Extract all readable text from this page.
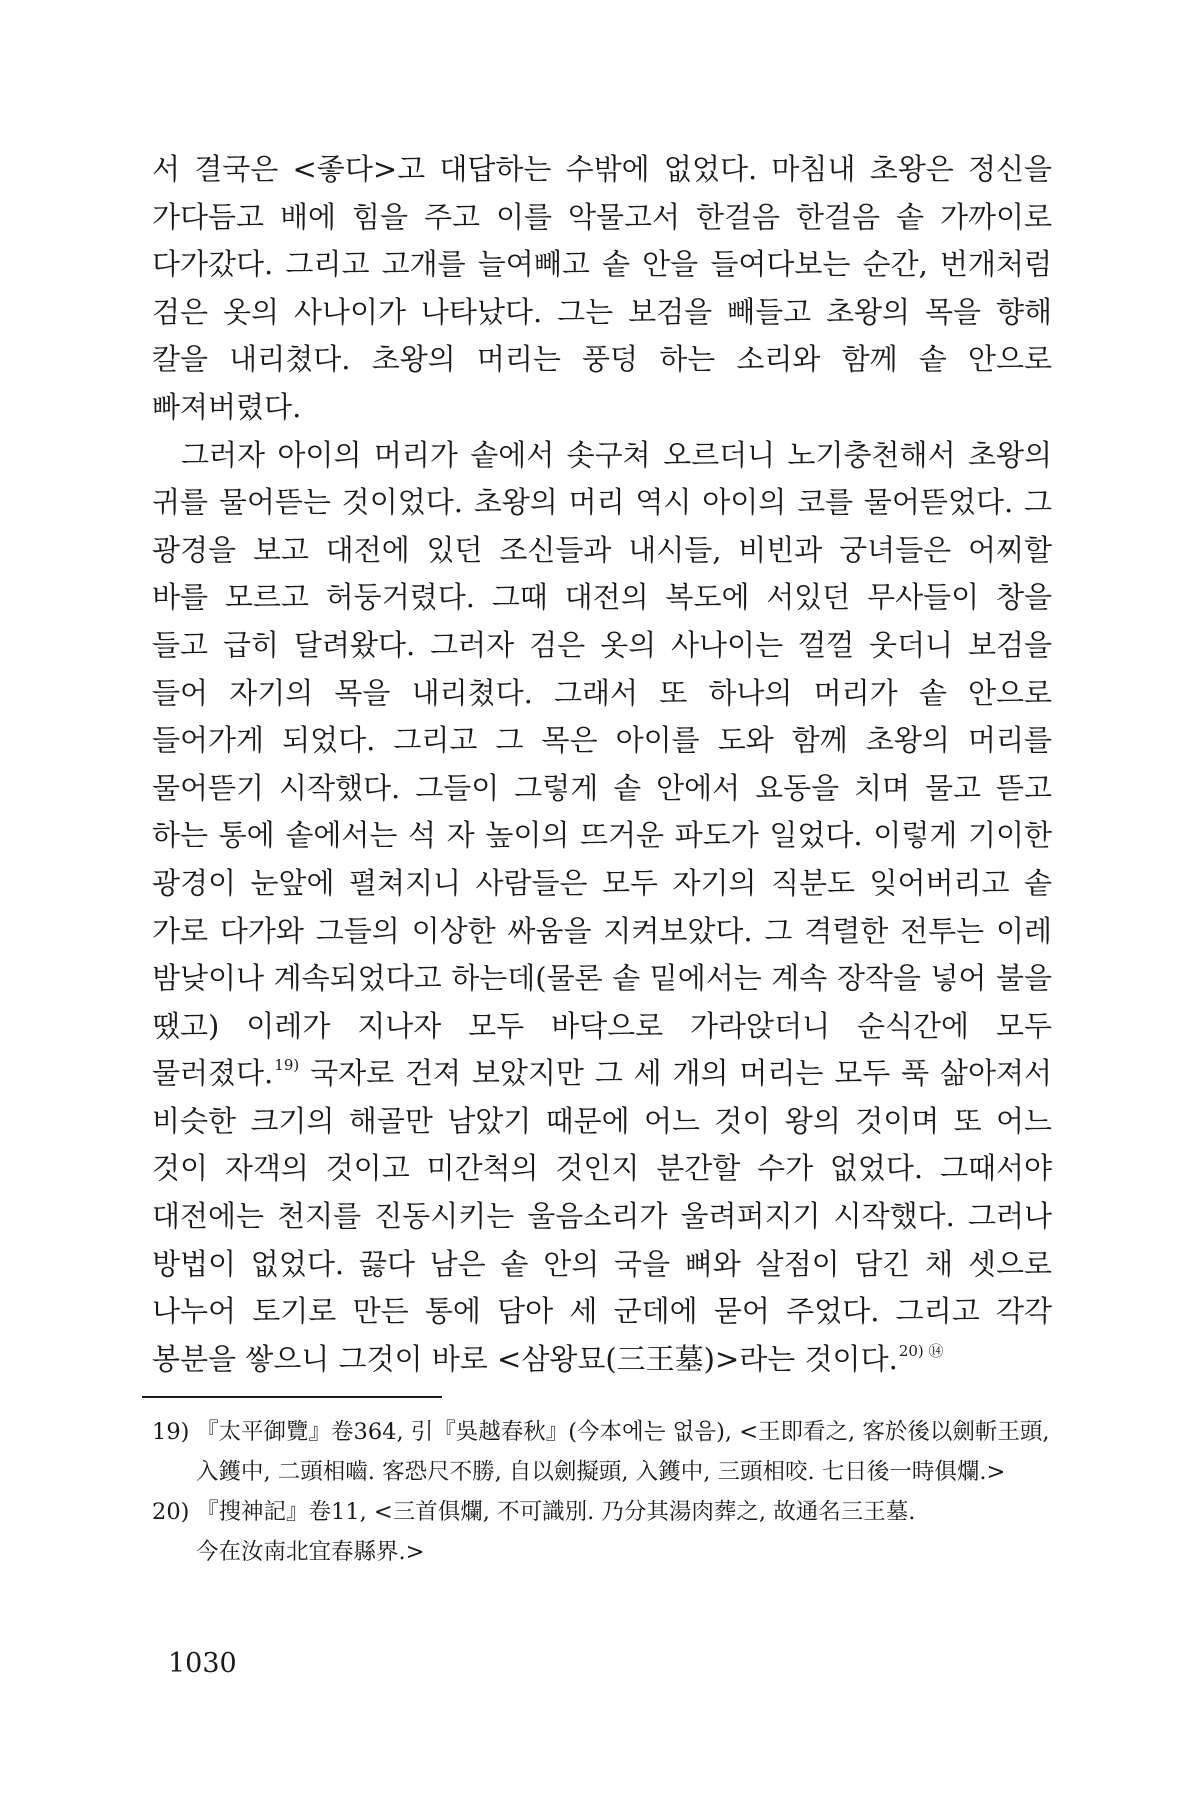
서 결국은 <좋다>고 대답하는 수밖에 없었다. 마침내 초왕은 정신을 가다듬고 배에 힘을 주고 이를 악물고서 한걸음 한걸음 솥 가까이로 다가갔다. 그리고 고개를 늘여빼고 솥 안을 들여다보는 순간, 번개처럼 검은 옷의 사나이가 나타났다. 그는 보검을 빼들고 초왕의 목을 향해 칼을 내리쳤다. 초왕의 머리는 풍덩 하는 소리와 함께 솥 안으로 빠져버렸다.

그러자 아이의 머리가 솥에서 솟구쳐 오르더니 노기충천해서 초왕의 귀를 물어뜯는 것이었다. 초왕의 머리 역시 아이의 코를 물어뜯었다. 그 광경을 보고 대전에 있던 조신들과 내시들, 비빈과 궁녀들은 어찌할 바를 모르고 허둥거렸다. 그때 대전의 복도에 서있던 무사들이 창을 들고 급히 달려왔다. 그러자 검은 옷의 사나이는 껄껄 웃더니 보검을 들어 자기의 목을 내리쳤다. 그래서 또 하나의 머리가 솥 안으로 들어가게 되었다. 그리고 그 목은 아이를 도와 함께 초왕의 머리를 물어뜯기 시작했다. 그들이 그렇게 솥 안에서 요동을 치며 물고 뜯고 하는 통에 솥에서는 석 자 높이의 뜨거운 파도가 일었다. 이렇게 기이한 광경이 눈앞에 펼쳐지니 사람들은 모두 자기의 직분도 잊어버리고 솥 가로 다가와 그들의 이상한 싸움을 지켜보았다. 그 격렬한 전투는 이레 밤낮이나 계속되었다고 하는데(물론 솥 밑에서는 계속 장작을 넣어 불을 땠고) 이레가 지나자 모두 바닥으로 가라앉더니 순식간에 모두 물러졌다.$^{19)}$ 국자로 건져 보았지만 그 세 개의 머리는 모두 푹 삶아져서 비슷한 크기의 해골만 남았기 때문에 어느 것이 왕의 것이며 또 어느 것이 자객의 것이고 미간척의 것인지 분간할 수가 없었다. 그때서야 대전에는 천지를 진동시키는 울음소리가 울려퍼지기 시작했다. 그러나 방법이 없었다. 끓다 남은 솥 안의 국을 뼈와 살점이 담긴 채 셋으로 나누어 토기로 만든 통에 담아 세 군데에 묻어 주었다. 그리고 각각 봉분을 쌓으니 그것이 바로 <삼왕묘(三王墓)>라는 것이다.$^{20) ⑭}$

19) 『太平御覽』卷364, 引『吳越春秋』(今本에는 없음), <王即看之, 客於後以劍斬王頭, 入鑊中, 二頭相嚙. 客恐尺不勝, 自以劍擬頭, 入鑊中, 三頭相咬. 七日後一時俱爛.>
20) 『搜神記』卷11, <三首俱爛, 不可識別. 乃分其湯肉葬之, 故通名三王墓. 今在汝南北宜春縣界.>
1030
